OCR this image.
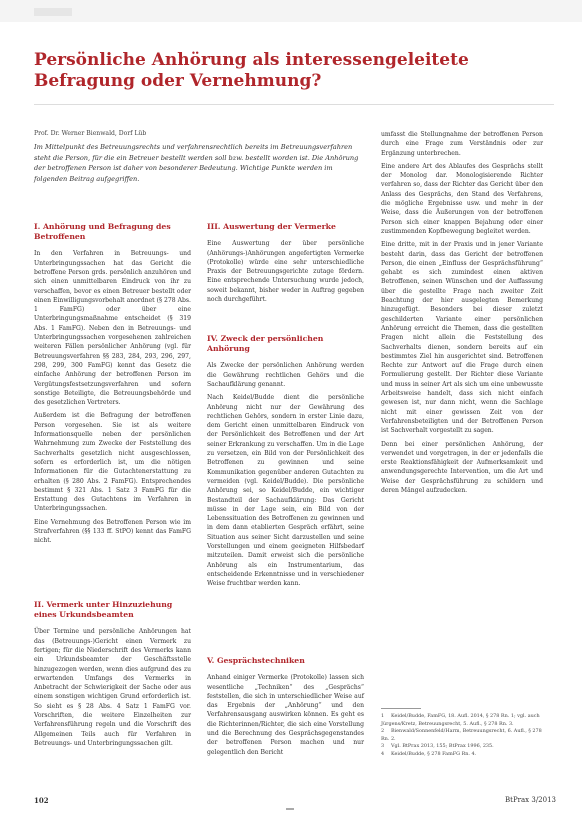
Persönliche Anhörung als interessengeleitete Befragung oder Vernehmung?
Prof. Dr. Werner Bienwald, Dorf Lüb

Im Mittelpunkt des Betreuungsrechts und verfahrensrechtlich bereits im Betreuungsverfahren steht die Person, für die ein Betreuer bestellt werden soll bzw. bestellt worden ist. Die Anhörung der betroffenen Person ist daher von besonderer Bedeutung. Wichtige Punkte werden im folgenden Beitrag aufgegriffen.

I. Anhörung und Befragung des Betroffenen

In den Verfahren in Betreuungs- und Unterbringungssachen hat das Gericht die betroffene Person grds. persönlich anzuhören und sich einen unmittelbaren Eindruck von ihr zu verschaffen, bevor es einen Betreuer bestellt oder einen Einwilligungsvorbehalt anordnet (§ 278 Abs. 1 FamFG) oder über eine Unterbringungsmaßnahme entscheidet (§ 319 Abs. 1 FamFG). Neben den in Betreuungs- und Unterbringungssachen vorgesehenen zahlreichen weiteren Fällen persönlicher Anhörung (vgl. für Betreuungsverfahren §§ 283, 284, 293, 296, 297, 298, 299, 300 FamFG) kennt das Gesetz die einfache Anhörung der betroffenen Person im Vergütungsfestsetzungsverfahren und sofern sonstige Beteiligte, die Betreuungsbehörde und des gesetzlichen Vertreters.

Außerdem ist die Befragung der betroffenen Person vorgesehen. Sie ist als weitere Informationsquelle neben der persönlichen Wahrnehmung zum Zwecke der Feststellung des Sachverhalts gesetzlich nicht ausgeschlossen, sofern es erforderlich ist, um die nötigen Informationen für die Gutachtenerstattung zu erhalten (§ 280 Abs. 2 FamFG). Entsprechendes bestimmt § 321 Abs. 1 Satz 3 FamFG für die Erstattung des Gutachtens im Verfahren in Unterbringungssachen.

Eine Vernehmung des Betroffenen Person wie im Strafverfahren (§§ 133 ff. StPO) kennt das FamFG nicht.

II. Vermerk unter Hinzuziehung eines Urkundsbeamten

Über Termine und persönliche Anhörungen hat das (Betreuungs-)Gericht einen Vermerk zu fertigen; für die Niederschrift des Vermerks kann ein Urkundsbeamter der Geschäftsstelle hinzugezogen werden, wenn dies aufgrund des zu erwartenden Umfangs des Vermerks in Anbetracht der Schwierigkeit der Sache oder aus einem sonstigen wichtigen Grund erforderlich ist. So sieht es § 28 Abs. 4 Satz 1 FamFG vor. Vorschriften, die weitere Einzelheiten zur Verfahrensführung regeln und die Vorschrift des Allgemeinen Teils auch für Verfahren in Betreuungs- und Unterbringungssachen gilt.

III. Auswertung der Vermerke

Eine Auswertung der über persönliche (Anhörungs-)Anhörungen angefertigten Vermerke (Protokolle) würde eine sehr unterschiedliche Praxis der Betreuungsgerichte zutage fördern. Eine entsprechende Untersuchung wurde jedoch, soweit bekannt, bisher weder in Auftrag gegeben noch durchgeführt.

IV. Zweck der persönlichen Anhörung

Als Zwecke der persönlichen Anhörung werden die Gewährung rechtlichen Gehörs und die Sachaufklärung genannt.

Nach Keidel/Budde dient die persönliche Anhörung nicht nur der Gewährung des rechtlichen Gehörs, sondern in erster Linie dazu, dem Gericht einen unmittelbaren Eindruck von der Persönlichkeit des Betroffenen und der Art seiner Erkrankung zu verschaffen. Um in die Lage zu versetzen, ein Bild von der Persönlichkeit des Betroffenen zu gewinnen und seine Kommunikation gegenüber anderen Gutachten zu vermeiden (vgl. Keidel/Budde). Die persönliche Anhörung sei, so Keidel/Budde, ein wichtiger Bestandteil der Sachaufklärung: Das Gericht müsse in der Lage sein, ein Bild von der Lebenssituation des Betroffenen zu gewinnen und in dem dann etablierten Gespräch erfährt, seine Situation aus seiner Sicht darzustellen und seine Vorstellungen und einem geeigneten Hilfsbedarf mitzuteilen. Damit erweist sich die persönliche Anhörung als ein Instrumentarium, das entscheidende Erkenntnisse und in verschiedener Weise fruchtbar werden kann.

V. Gesprächstechniken

Anhand einiger Vermerke (Protokolle) lassen sich wesentliche „Techniken“ des „Gesprächs“ feststellen, die sich in unterschiedlicher Weise auf das Ergebnis der „Anhörung“ und den Verfahrensausgang auswirken können. Es geht es die Richterinnen/Richter, die sich eine Vorstellung und die Berechnung des Gesprächsgegenstandes der betroffenen Person machen und nur gelegentlich den Bericht

umfasst die Stellungnahme der betroffenen Person durch eine Frage zum Verständnis oder zur Ergänzung unterbrechen.

Eine andere Art des Ablaufes des Gesprächs stellt der Monolog dar. Monologisierende Richter verfahren so, dass der Richter das Gericht über den Anlass des Gesprächs, den Stand des Verfahrens, die mögliche Ergebnisse usw. und mehr in der Weise, dass die Äußerungen von der betroffenen Person sich einer knappen Bejahung oder einer zustimmenden Kopfbewegung begleitet werden.

Eine dritte, mit in der Praxis und in jener Variante besteht darin, dass das Gericht der betroffenen Person, die einen „Einfluss der Gesprächsführung“ gehabt es sich zumindest einen aktiven Betroffenen, seinen Wünschen und der Auffassung über die gestellte Frage nach zweiter Zeit Beachtung der hier ausgelegten Bemerkung hinzugefügt. Besonders bei dieser zuletzt geschilderten Variante einer persönlichen Anhörung erreicht die Themen, dass die gestellten Fragen nicht allein die Feststellung des Sachverhalts dienen, sondern bereits auf ein bestimmtes Ziel hin ausgerichtet sind. Betroffenen Rechte zur Antwort auf die Frage durch einen Formulierung gestellt. Der Richter diese Variante und muss in seiner Art als sich um eine unbewusste Arbeitsweise handelt, dass sich nicht einfach gewesen ist, nur dann nicht, wenn die Sachlage nicht mit einer gewissen Zeit von der Verfahrensbeteiligten und der Betroffenen Person ist Sachverhalt vorgestellt zu sagen.

Denn bei einer persönlichen Anhörung, der verwendet und vorgetragen, in der er jedenfalls die erste Reaktionsfähigkeit der Aufmerksamkeit und anwendungsgerechte Intervention, um die Art und Weise der Gesprächsführung zu schildern und deren Mängel aufzudecken.

1 Keidel/Budde, FamFG, 18. Aufl. 2014, § 278 Rn. 1; vgl. auch Jürgens/Kretz, Betreuungsrecht, 5. Aufl., § 278 Rn. 3.

2 Bienwald/Sonnenfeld/Harm, Betreuungsrecht, 6. Aufl., § 278 Rn. 2.

3 Vgl. BtPrax 2013, 155; BtPrax 1996, 235.

4 Keidel/Budde, § 278 FamFG Rn. 4.

102	BtPrax 3/2013
